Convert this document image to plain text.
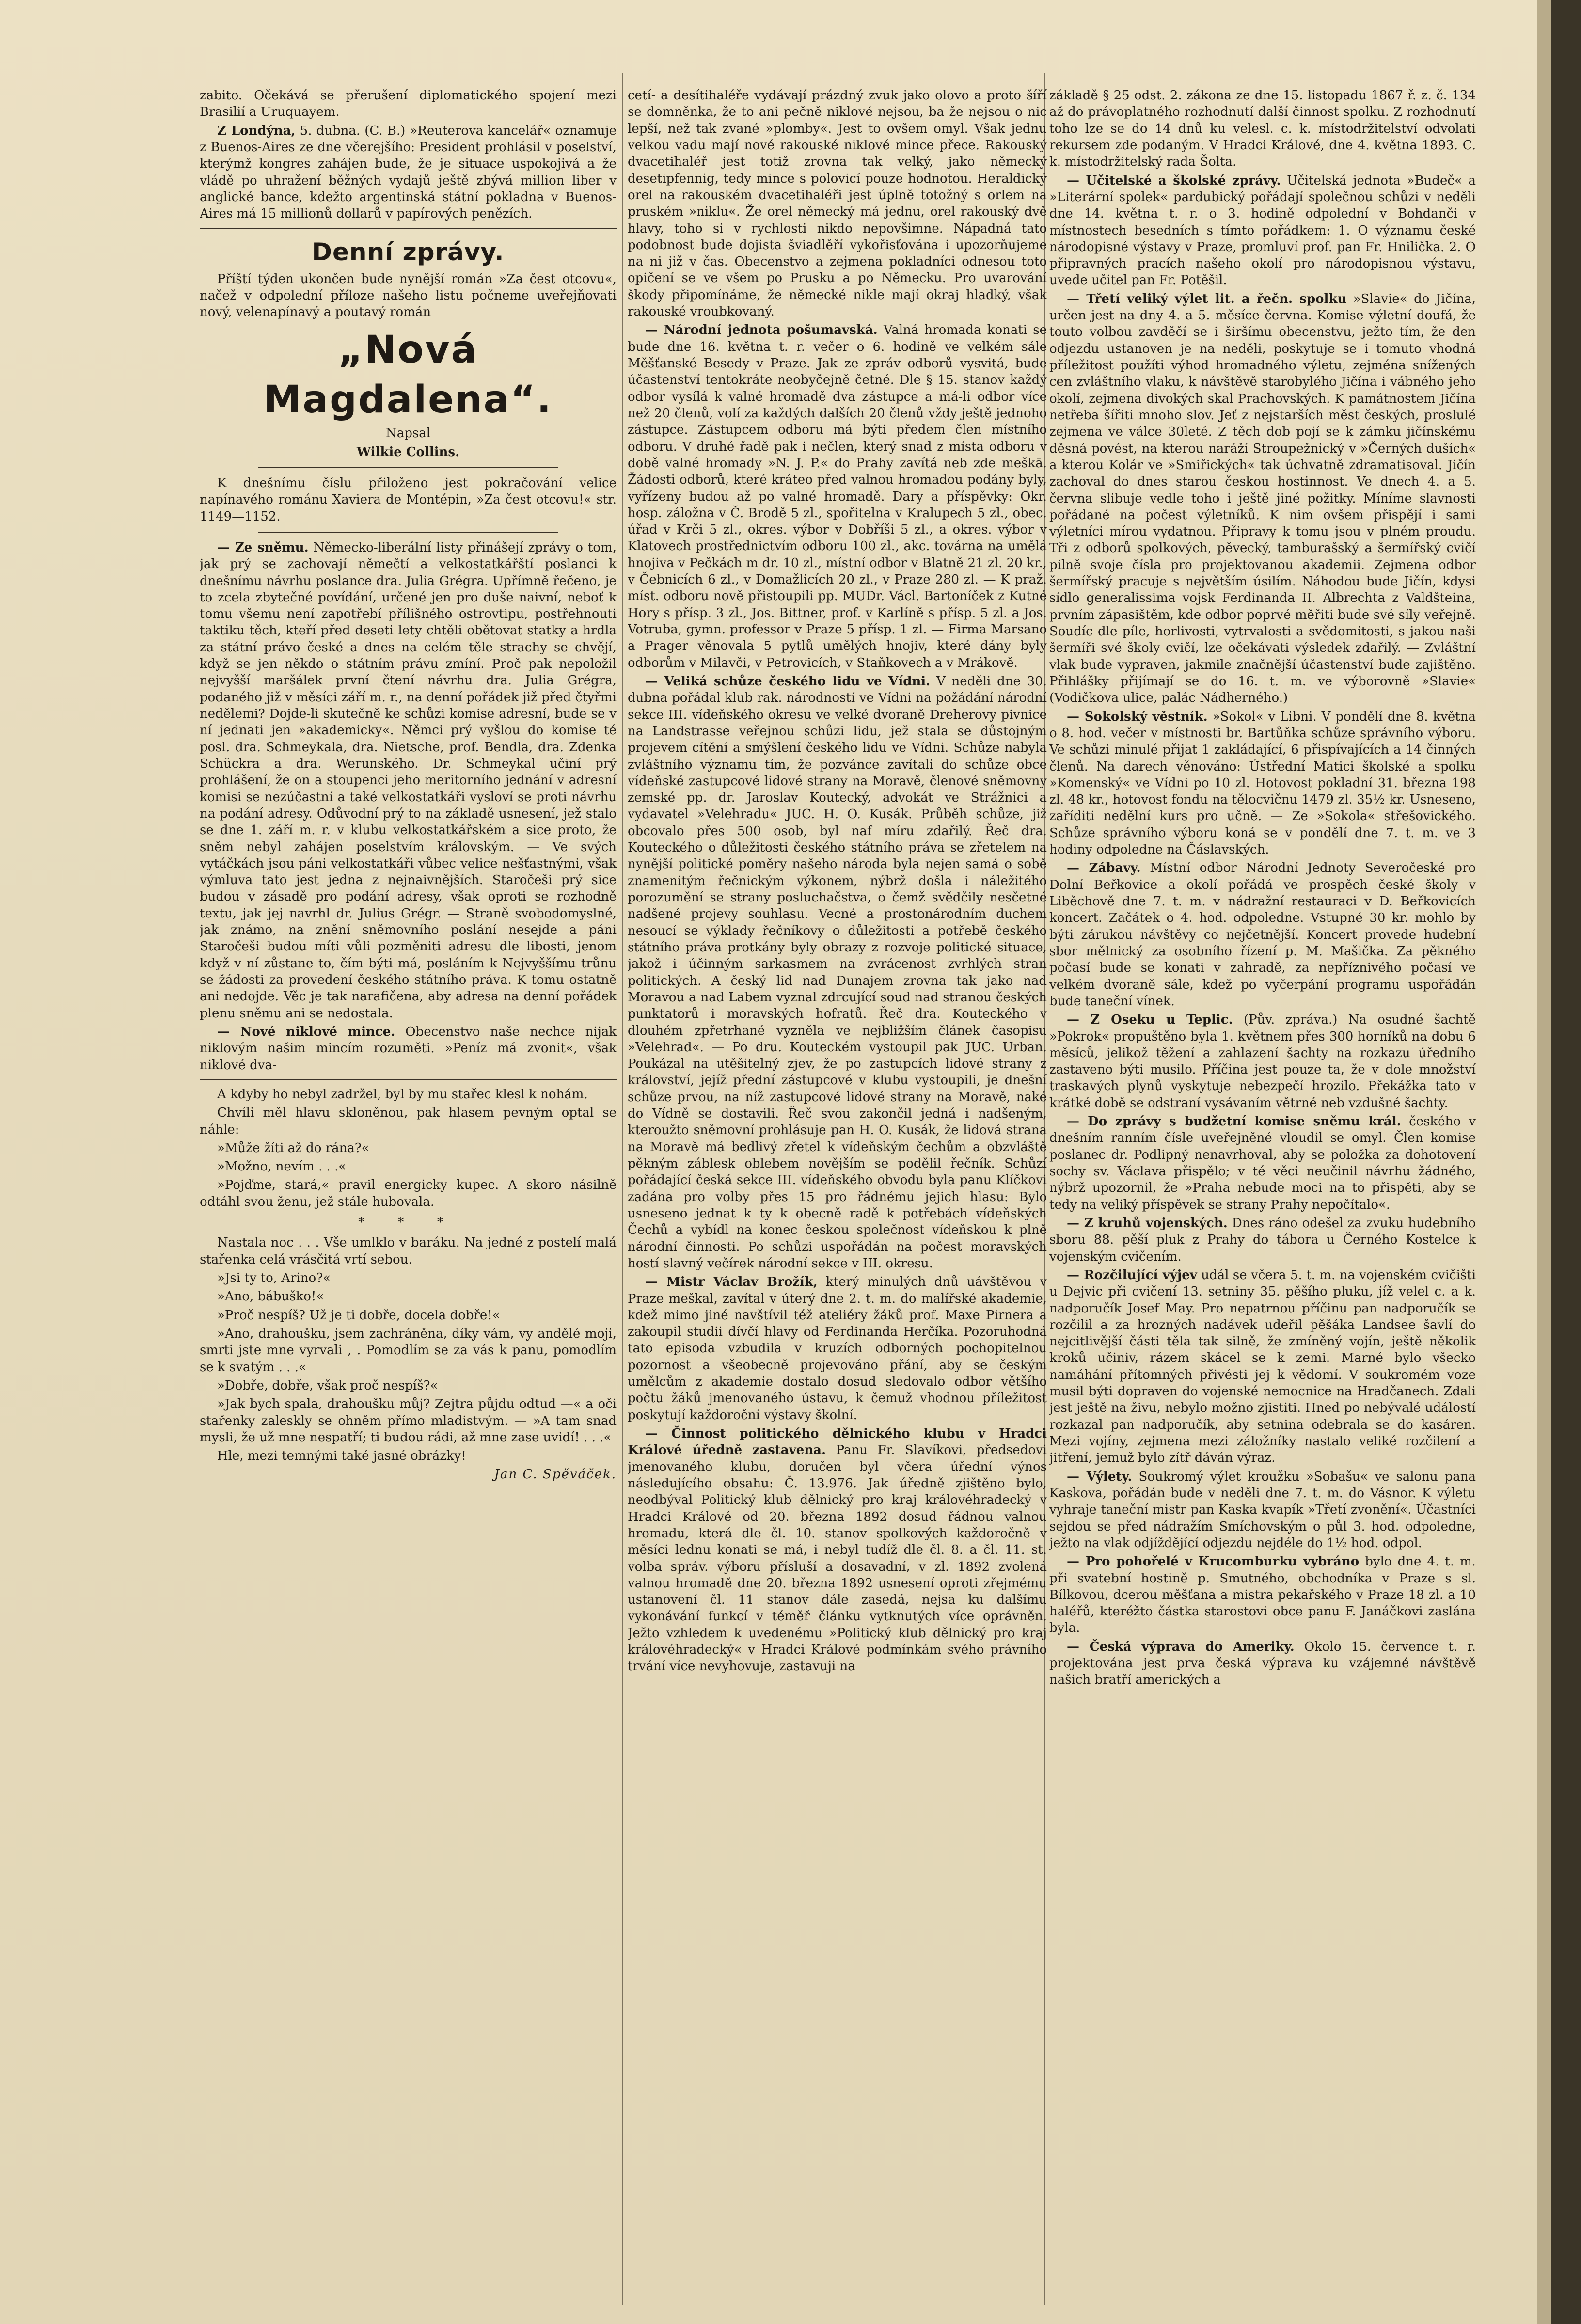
zabito. Očekává se přerušení diplomatického spojení mezi Brasilií a Uruquayem.

Z Londýna, 5. dubna. (C. B.) »Reuterova kancelář« oznamuje z Buenos-Aires ze dne včerejšího: President prohlásil v poselství, kterýmž kongres zahájen bude, že je situace uspokojivá a že vládě po uhražení běžných vydajů ještě zbývá million liber v anglické bance, kdežto argentinská státní pokladna v Buenos-Aires má 15 millionů dollarů v papírových penězích.

Denní zprávy.

Příští týden ukončen bude nynější román »Za čest otcovu«, načež v odpolední příloze našeho listu počneme uveřejňovati nový, velenapínavý a poutavý román

„Nová Magdalena“.

Napsal

Wilkie Collins.

K dnešnímu číslu přiloženo jest pokračování velice napínavého románu Xaviera de Montépin, »Za čest otcovu!« str. 1149—1152.

— Ze sněmu. Německo-liberální listy přinášejí zprávy o tom, jak prý se zachovají němečtí a velkostatkářští poslanci k dnešnímu návrhu poslance dra. Julia Grégra. Upřímně řečeno, je to zcela zbytečné povídání, určené jen pro duše naivní, neboť k tomu všemu není zapotřebí přílišného ostrovtipu, postřehnouti taktiku těch, kteří před deseti lety chtěli obětovat statky a hrdla za státní právo české a dnes na celém těle strachy se chvějí, když se jen někdo o státním právu zmíní. Proč pak nepoložil nejvyšší maršálek první čtení návrhu dra. Julia Grégra, podaného již v měsíci září m. r., na denní pořádek již před čtyřmi nedělemi? Dojde-li skutečně ke schůzi komise adresní, bude se v ní jednati jen »akademicky«. Němci prý vyšlou do komise té posl. dra. Schmeykala, dra. Nietsche, prof. Bendla, dra. Zdenka Schückra a dra. Werunského. Dr. Schmeykal učiní prý prohlášení, že on a stoupenci jeho meritorního jednání v adresní komisi se nezúčastní a také velkostatkáři vysloví se proti návrhu na podání adresy. Odůvodní prý to na základě usnesení, jež stalo se dne 1. září m. r. v klubu velkostatkářském a sice proto, že sněm nebyl zahájen poselstvím královským. — Ve svých vytáčkách jsou páni velkostatkáři vůbec velice nešťastnými, však výmluva tato jest jedna z nejnaivnějších. Staročeši prý sice budou v zásadě pro podání adresy, však oproti se rozhodně textu, jak jej navrhl dr. Julius Grégr. — Straně svobodomyslné, jak známo, na znění sněmovního poslání nesejde a páni Staročeši budou míti vůli pozměniti adresu dle libosti, jenom když v ní zůstane to, čím býti má, posláním k Nejvyššímu trůnu se žádosti za provedení českého státního práva. K tomu ostatně ani nedojde. Věc je tak narafičena, aby adresa na denní pořádek plenu sněmu ani se nedostala.

— Nové niklové mince. Obecenstvo naše nechce nijak niklovým našim mincím rozuměti. »Peníz má zvonit«, však niklové dva-

A kdyby ho nebyl zadržel, byl by mu stařec klesl k nohám.

Chvíli měl hlavu skloněnou, pak hlasem pevným optal se náhle:

»Může žíti až do rána?«

»Možno, nevím . . .«

»Pojďme, stará,« pravil energicky kupec. A skoro násilně odtáhl svou ženu, jež stále hubovala.

* * *

Nastala noc . . . Vše umlklo v baráku. Na jedné z postelí malá stařenka celá vrásčitá vrtí sebou.

»Jsi ty to, Arino?«

»Ano, bábuško!«

»Proč nespíš? Už je ti dobře, docela dobře!«

»Ano, drahoušku, jsem zachráněna, díky vám, vy andělé moji, smrti jste mne vyrvali , . Pomodlím se za vás k panu, pomodlím se k svatým . . .«

»Dobře, dobře, však proč nespíš?«

»Jak bych spala, drahoušku můj? Zejtra půjdu odtud —« a oči stařenky zaleskly se ohněm přímo mladistvým. — »A tam snad mysli, že už mne nespatří; ti budou rádi, až mne zase uvidí! . . .«

Hle, mezi temnými také jasné obrázky!

Jan C. Spěváček.

cetí- a desítihaléře vydávají prázdný zvuk jako olovo a proto šíří se domněnka, že to ani pečně niklové nejsou, ba že nejsou o nic lepší, než tak zvané »plomby«. Jest to ovšem omyl. Však jednu velkou vadu mají nové rakouské niklové mince přece. Rakouský dvacetihaléř jest totiž zrovna tak velký, jako německý desetipfennig, tedy mince s polovicí pouze hodnotou. Heraldický orel na rakouském dvacetihaléři jest úplně totožný s orlem na pruském »niklu«. Že orel německý má jednu, orel rakouský dvě hlavy, toho si v rychlosti nikdo nepovšimne. Nápadná tato podobnost bude dojista šviadlěří vykořisťována i upozorňujeme na ni již v čas. Obecenstvo a zejmena pokladníci odnesou toto opičení se ve všem po Prusku a po Německu. Pro uvarování škody připomínáme, že německé nikle mají okraj hladký, však rakouské vroubkovaný.

— Národní jednota pošumavská. Valná hromada konati se bude dne 16. května t. r. večer o 6. hodině ve velkém sále Měšťanské Besedy v Praze. Jak ze zpráv odborů vysvitá, bude účastenství tentokráte neobyčejně četné. Dle § 15. stanov každý odbor vysílá k valné hromadě dva zástupce a má-li odbor více než 20 členů, volí za každých dalších 20 členů vždy ještě jednoho zástupce. Zástupcem odboru má býti předem člen místního odboru. V druhé řadě pak i nečlen, který snad z místa odboru v době valné hromady »N. J. P.« do Prahy zavítá neb zde meškā. Žádosti odborů, které kráteo před valnou hromadou podány byly, vyřízeny budou až po valné hromadě. Dary a příspěvky: Okr. hosp. záložna v Č. Brodě 5 zl., spořitelna v Kralupech 5 zl., obec. úřad v Krči 5 zl., okres. výbor v Dobříši 5 zl., a okres. výbor v Klatovech prostřednictvím odboru 100 zl., akc. továrna na umělá hnojiva v Pečkách m dr. 10 zl., místní odbor v Blatně 21 zl. 20 kr., v Čebnicích 6 zl., v Domažlicích 20 zl., v Praze 280 zl. — K praž. míst. odboru nově přistoupili pp. MUDr. Václ. Bartoníček z Kutné Hory s přísp. 3 zl., Jos. Bittner, prof. v Karlíně s přísp. 5 zl. a Jos. Votruba, gymn. professor v Praze 5 přísp. 1 zl. — Firma Marsano a Prager věnovala 5 pytlů umělých hnojiv, které dány byly odborům v Milavči, v Petrovicích, v Staňkovech a v Mrákově.

— Veliká schůze českého lidu ve Vídni. V neděli dne 30. dubna pořádal klub rak. národností ve Vídni na požádání národní sekce III. vídeňského okresu ve velké dvoraně Dreherovy pivnice na Landstrasse veřejnou schůzi lidu, jež stala se důstojným projevem cítění a smýšlení českého lidu ve Vídni. Schůze nabyla zvláštního významu tím, že pozvánce zavítali do schůze obce vídeňské zastupcové lidové strany na Moravě, členové sněmovny zemské pp. dr. Jaroslav Koutecký, advokát ve Strážnici a vydavatel »Velehradu« JUC. H. O. Kusák. Průběh schůze, již obcovalo přes 500 osob, byl naf míru zdařilý. Řeč dra. Kouteckého o důležitosti českého státního práva se zřetelem na nynější politické poměry našeho národa byla nejen samá o sobě znamenitým řečnickým výkonem, nýbrž došla i náležitého porozumění se strany posluchačstva, o čemž svědčily nesčetné nadšené projevy souhlasu. Vecné a prostonárodním duchem nesoucí se výklady řečníkovy o důležitosti a potřebě českého státního práva protkány byly obrazy z rozvoje politické situace, jakož i účinným sarkasmem na zvrácenost zvrhlých stran politických. A český lid nad Dunajem zrovna tak jako nad Moravou a nad Labem vyznal zdrcující soud nad stranou českých punktatorů i moravských hofratů. Řeč dra. Kouteckého v dlouhém zpřetrhané vyzněla ve nejbližším článek časopisu »Velehrad«. — Po dru. Kouteckém vystoupil pak JUC. Urban. Poukázal na utěšitelný zjev, že po zastupcích lidové strany z království, jejíž přední zástupcové v klubu vystoupili, je dnešní schůze prvou, na níž zastupcové lidové strany na Moravě, naké do Vídně se dostavili. Řeč svou zakončil jedná i nadšeným, kteroužto sněmovní prohlásuje pan H. O. Kusák, že lidová strana na Moravě má bedlivý zřetel k vídeňským čechům a obzvláště pěkným záblesk oblebem novějším se podělil řečník. Schůzí pořádající česká sekce III. vídeňského obvodu byla panu Klíčkovi zadána pro volby přes 15 pro řádnému jejich hlasu: Bylo usneseno jednat k ty k obecně radě k potřebách vídeňských Čechů a vybídl na konec českou společnost vídeňskou k plně národní činnosti. Po schůzi uspořádán na počest moravských hostí slavný večírek národní sekce v III. okresu.

— Mistr Václav Brožík, který minulých dnů uávštěvou v Praze meškal, zavítal v úterý dne 2. t. m. do malířské akademie, kdež mimo jiné navštívil též ateliéry žáků prof. Maxe Pirnera a zakoupil studii dívčí hlavy od Ferdinanda Herčíka. Pozoruhodná tato episoda vzbudila v kruzích odborných pochopitelnou pozornost a všeobecně projevováno přání, aby se českým umělcům z akademie dostalo dosud sledovalo odbor většího počtu žáků jmenovaného ústavu, k čemuž vhodnou příležitost poskytují každoroční výstavy školní.

— Činnost politického dělnického klubu v Hradci Králové úředně zastavena. Panu Fr. Slavíkovi, předsedovi jmenovaného klubu, doručen byl včera úřední výnos následujícího obsahu: Č. 13.976. Jak úředně zjištěno bylo, neodbýval Politický klub dělnický pro kraj královéhradecký v Hradci Králové od 20. března 1892 dosud řádnou valnou hromadu, která dle čl. 10. stanov spolkových každoročně v měsíci lednu konati se má, i nebyl tudíž dle čl. 8. a čl. 11. st. volba správ. výboru přísluší a dosavadní, v zl. 1892 zvolená valnou hromadě dne 20. března 1892 usnesení oproti zřejmému ustanovení čl. 11 stanov dále zasedá, nejsa ku dalšímu vykonávání funkcí v téměř článku vytknutých více oprávněn. Ježto vzhledem k uvedenému »Politický klub dělnický pro kraj královéhradecký« v Hradci Králové podmínkám svého právního trvání více nevyhovuje, zastavuji na

základě § 25 odst. 2. zákona ze dne 15. listopadu 1867 ř. z. č. 134 až do právoplatného rozhodnutí další činnost spolku. Z rozhodnutí toho lze se do 14 dnů ku velesl. c. k. místodržitelství odvolati rekursem zde podaným. V Hradci Králové, dne 4. května 1893. C. k. místodržitelský rada Šolta.

— Učitelské a školské zprávy. Učitelská jednota »Budeč« a »Literární spolek« pardubický pořádají společnou schůzi v neděli dne 14. května t. r. o 3. hodině odpolední v Bohdanči v místnostech besedních s tímto pořádkem: 1. O významu české národopisné výstavy v Praze, promluví prof. pan Fr. Hnilička. 2. O připravných pracích našeho okolí pro národopisnou výstavu, uvede učitel pan Fr. Potěšil.

— Třetí veliký výlet lit. a řečn. spolku »Slavie« do Jičína, určen jest na dny 4. a 5. měsíce června. Komise výletní doufá, že touto volbou zavděčí se i širšímu obecenstvu, ježto tím, že den odjezdu ustanoven je na neděli, poskytuje se i tomuto vhodná příležitost použíti výhod hromadného výletu, zejména snížených cen zvláštního vlaku, k návštěvě starobylého Jičína i vábného jeho okolí, zejmena divokých skal Prachovských. K památnostem Jičína netřeba šířiti mnoho slov. Jeť z nejstarších měst českých, proslulé zejmena ve válce 30leté. Z těch dob pojí se k zámku jičínskému děsná povést, na kterou naráží Stroupežnický v »Černých duších« a kterou Kolár ve »Smiřických« tak úchvatně zdramatisoval. Jičín zachoval do dnes starou českou hostinnost. Ve dnech 4. a 5. června slibuje vedle toho i ještě jiné požitky. Míníme slavnosti pořádané na počest výletníků. K nim ovšem přispějí i sami výletníci mírou vydatnou. Připravy k tomu jsou v plném proudu. Tři z odborů spolkových, pěvecký, tamburašský a šermířský cvičí pilně svoje čísla pro projektovanou akademii. Zejmena odbor šermířský pracuje s největším úsilím. Náhodou bude Jičín, kdysi sídlo generalissima vojsk Ferdinanda II. Albrechta z Valdšteina, prvním zápasištěm, kde odbor poprvé měřiti bude své síly veřejně. Soudíc dle píle, horlivosti, vytrvalosti a svědomitosti, s jakou naši šermíři své školy cvičí, lze očekávati výsledek zdařilý. — Zvláštní vlak bude vypraven, jakmile značnější účastenství bude zajištěno. Přihlášky přijímají se do 16. t. m. ve výborovně »Slavie« (Vodičkova ulice, palác Nádherného.)

— Sokolský věstník. »Sokol« v Libni. V pondělí dne 8. května o 8. hod. večer v místnosti br. Bartůňka schůze správního výboru. Ve schůzi minulé přijat 1 zakládající, 6 přispívajících a 14 činných členů. Na darech věnováno: Ústřední Matici školské a spolku »Komenský« ve Vídni po 10 zl. Hotovost pokladní 31. března 198 zl. 48 kr., hotovost fondu na tělocvičnu 1479 zl. 35½ kr. Usneseno, zaříditi nedělní kurs pro učně. — Ze »Sokola« střešovického. Schůze správního výboru koná se v pondělí dne 7. t. m. ve 3 hodiny odpoledne na Čáslavských.

— Zábavy. Místní odbor Národní Jednoty Severočeské pro Dolní Beřkovice a okolí pořádá ve prospěch české školy v Liběchově dne 7. t. m. v nádražní restauraci v D. Beřkovicích koncert. Začátek o 4. hod. odpoledne. Vstupné 30 kr. mohlo by býti zárukou návštěvy co nejčetnější. Koncert provede hudební sbor mělnický za osobního řízení p. M. Mašička. Za pěkného počasí bude se konati v zahradě, za nepříznivého počasí ve velkém dvoraně sále, kdež po vyčerpání programu uspořádán bude taneční vínek.

— Z Oseku u Teplic. (Pův. zpráva.) Na osudné šachtě »Pokrok« propuštěno byla 1. květnem přes 300 horníků na dobu 6 měsíců, jelikož těžení a zahlazení šachty na rozkazu úředního zastaveno býti musilo. Příčina jest pouze ta, že v dole množství traskavých plynů vyskytuje nebezpečí hrozilo. Překážka tato v krátké době se odstraní vysávaním větrné neb vzdušné šachty.

— Do zprávy s budžetní komise sněmu král. českého v dnešním ranním čísle uveřejněné vloudil se omyl. Člen komise poslanec dr. Podlipný nenavrhoval, aby se položka za dohotovení sochy sv. Václava přispělo; v té věci neučinil návrhu žádného, nýbrž upozornil, že »Praha nebude moci na to přispěti, aby se tedy na veliký příspěvek se strany Prahy nepočítalo«.

— Z kruhů vojenských. Dnes ráno odešel za zvuku hudebního sboru 88. pěší pluk z Prahy do tábora u Černého Kostelce k vojenským cvičením.

— Rozčilující výjev udál se včera 5. t. m. na vojenském cvičišti u Dejvic při cvičení 13. setniny 35. pěšího pluku, jíž velel c. a k. nadporučík Josef May. Pro nepatrnou příčinu pan nadporučík se rozčilil a za hrozných nadávek udeřil pěšáka Landsee šavlí do nejcitlivější části těla tak silně, že zmíněný vojín, ještě několik kroků učiniv, rázem skácel se k zemi. Marné bylo všecko namáhání přítomných přivésti jej k vědomí. V soukromém voze musil býti dopraven do vojenské nemocnice na Hradčanech. Zdali jest ještě na živu, nebylo možno zjistiti. Hned po nebývalé událostí rozkazal pan nadporučík, aby setnina odebrala se do kasáren. Mezi vojíny, zejmena mezi záložníky nastalo veliké rozčilení a jitření, jemuž bylo zítř dáván výraz.

— Výlety. Soukromý výlet kroužku »Sobašu« ve salonu pana Kaskova, pořádán bude v neděli dne 7. t. m. do Vásnor. K výletu vyhraje taneční mistr pan Kaska kvapík »Třetí zvonění«. Účastníci sejdou se před nádražím Smíchovským o půl 3. hod. odpoledne, ježto na vlak odjíždějící odjezdu nejdéle do 1½ hod. odpol.

— Pro pohořelé v Krucomburku vybráno bylo dne 4. t. m. při svatební hostině p. Smutného, obchodníka v Praze s sl. Bílkovou, dcerou měšťana a mistra pekařského v Praze 18 zl. a 10 haléřů, kteréžto částka starostovi obce panu F. Janáčkovi zaslána byla.

— Česká výprava do Ameriky. Okolo 15. července t. r. projektována jest prva česká výprava ku vzájemné návštěvě našich bratří amerických a
